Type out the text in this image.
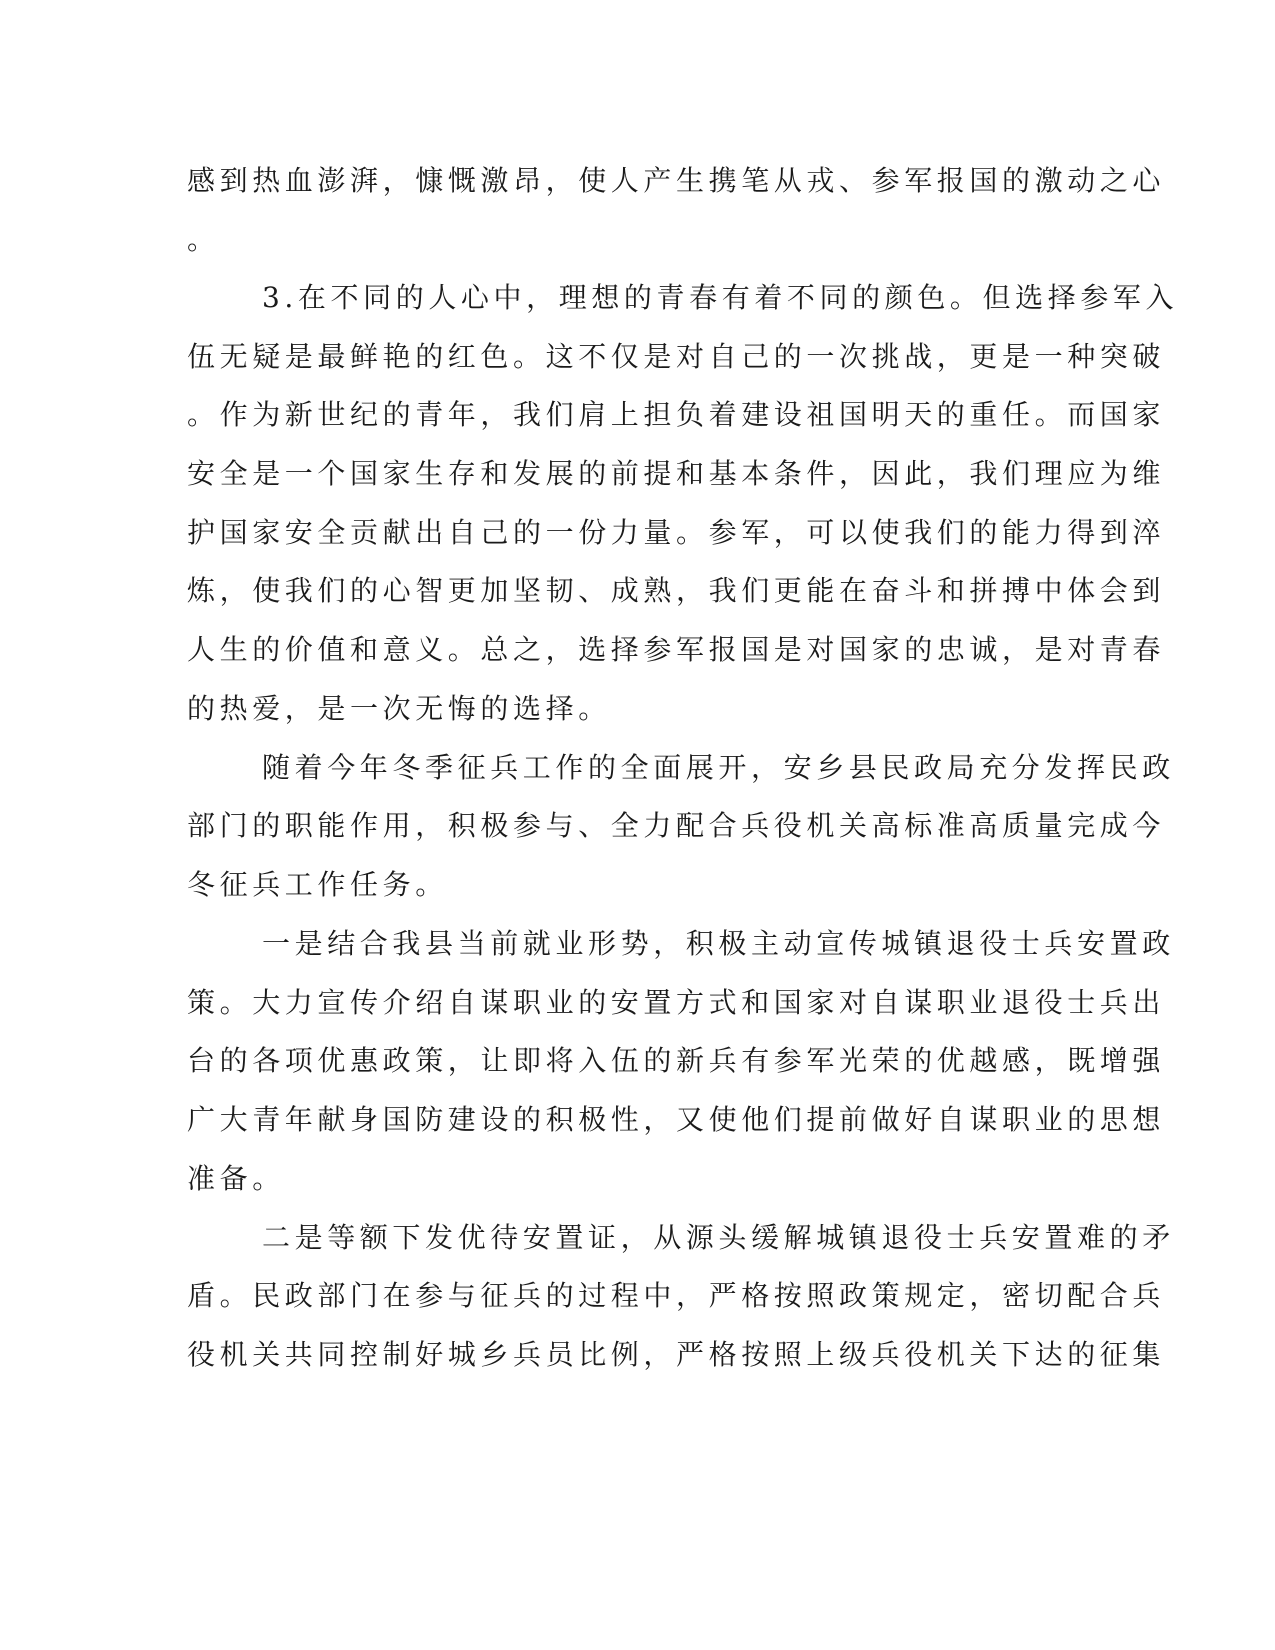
感到热血澎湃，慷慨激昂，使人产生携笔从戎、参军报国的激动之心
。
3.在不同的人心中，理想的青春有着不同的颜色。但选择参军入
伍无疑是最鲜艳的红色。这不仅是对自己的一次挑战，更是一种突破
。作为新世纪的青年，我们肩上担负着建设祖国明天的重任。而国家
安全是一个国家生存和发展的前提和基本条件，因此，我们理应为维
护国家安全贡献出自己的一份力量。参军，可以使我们的能力得到淬
炼，使我们的心智更加坚韧、成熟，我们更能在奋斗和拼搏中体会到
人生的价值和意义。总之，选择参军报国是对国家的忠诚，是对青春
的热爱，是一次无悔的选择。
随着今年冬季征兵工作的全面展开，安乡县民政局充分发挥民政
部门的职能作用，积极参与、全力配合兵役机关高标准高质量完成今
冬征兵工作任务。
一是结合我县当前就业形势，积极主动宣传城镇退役士兵安置政
策。大力宣传介绍自谋职业的安置方式和国家对自谋职业退役士兵出
台的各项优惠政策，让即将入伍的新兵有参军光荣的优越感，既增强
广大青年献身国防建设的积极性，又使他们提前做好自谋职业的思想
准备。
二是等额下发优待安置证，从源头缓解城镇退役士兵安置难的矛
盾。民政部门在参与征兵的过程中，严格按照政策规定，密切配合兵
役机关共同控制好城乡兵员比例，严格按照上级兵役机关下达的征集
